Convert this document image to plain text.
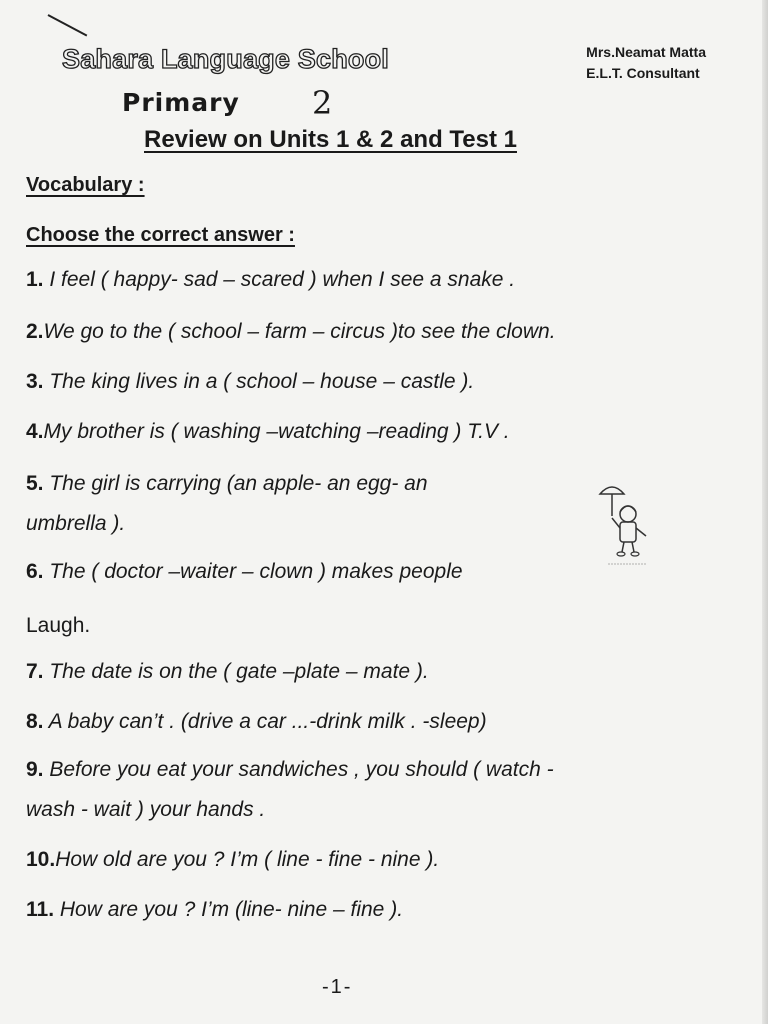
Sahara Language School	Mrs.Neamat Matta
E.L.T. Consultant
Primary 2
Review on Units 1 & 2 and Test 1
Vocabulary :
Choose the correct answer :
1. I feel ( happy- sad – scared ) when I see a snake .
2.We go to the ( school – farm – circus )to see the clown.
3. The king lives in a ( school – house – castle ).
4.My brother is ( washing –watching –reading ) T.V .
5. The girl is carrying (an apple- an egg- an
umbrella ).
6. The ( doctor –waiter – clown ) makes people
Laugh.
7. The date is on the ( gate –plate – mate ).
8. A baby can’t . (drive a car ...-drink milk . -sleep)
9. Before you eat your sandwiches , you should ( watch -
wash - wait ) your hands .
10.How old are you ? I’m ( line - fine - nine ).
11. How are you ? I’m (line- nine – fine ).
-1-
